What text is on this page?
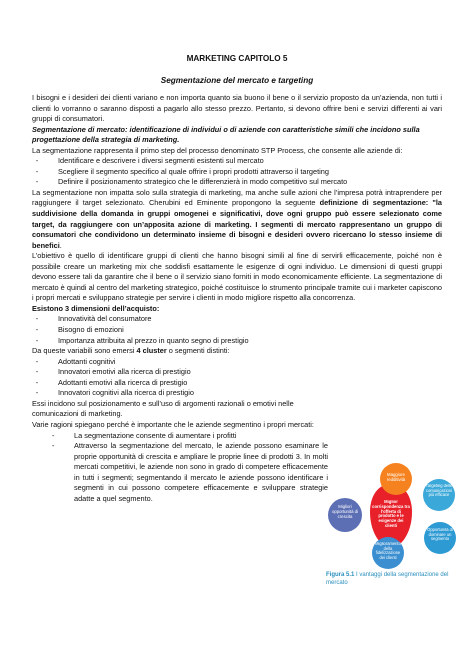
MARKETING CAPITOLO 5
Segmentazione del mercato e targeting

I bisogni e i desideri dei clienti variano e non importa quanto sia buono il bene o il servizio proposto da un’azienda, non tutti i clienti lo vorranno o saranno disposti a pagarlo allo stesso prezzo. Pertanto, si devono offrire beni e servizi differenti ai vari gruppi di consumatori.

Segmentazione di mercato: identificazione di individui o di aziende con caratteristiche simili che incidono sulla progettazione della strategia di marketing.

La segmentazione rappresenta il primo step del processo denominato STP Process, che consente alle aziende di:

- Identificare e descrivere i diversi segmenti esistenti sul mercato
- Scegliere il segmento specifico al quale offrire i propri prodotti attraverso il targeting
- Definire il posizionamento strategico che le differenzierà in modo competitivo sul mercato

La segmentazione non impatta solo sulla strategia di marketing, ma anche sulle azioni che l’impresa potrà intraprendere per raggiungere il target selezionato. Cherubini ed Eminente propongono la seguente definizione di segmentazione: "la suddivisione della domanda in gruppi omogenei e significativi, dove ogni gruppo può essere selezionato come target, da raggiungere con un’apposita azione di marketing. I segmenti di mercato rappresentano un gruppo di consumatori che condividono un determinato insieme di bisogni e desideri ovvero ricercano lo stesso insieme di benefici.

L’obiettivo è quello di identificare gruppi di clienti che hanno bisogni simili al fine di servirli efficacemente, poiché non è possibile creare un marketing mix che soddisfi esattamente le esigenze di ogni individuo. Le dimensioni di questi gruppi devono essere tali da garantire che il bene o il servizio siano forniti in modo economicamente efficiente. La segmentazione di mercato è quindi al centro del marketing strategico, poiché costituisce lo strumento principale tramite cui i marketer capiscono i propri mercati e sviluppano strategie per servire i clienti in modo migliore rispetto alla concorrenza.

Esistono 3 dimensioni dell’acquisto:

- Innovatività del consumatore
- Bisogno di emozioni
- Importanza attribuita al prezzo in quanto segno di prestigio

Da queste variabili sono emersi 4 cluster o segmenti distinti:

- Adottanti cognitivi
- Innovatori emotivi alla ricerca di prestigio
- Adottanti emotivi alla ricerca di prestigio
- Innovatori cognitivi alla ricerca di prestigio

Essi incidono sul posizionamento e sull’uso di argomenti razionali o emotivi nelle comunicazioni di marketing.

Varie ragioni spiegano perché è importante che le aziende segmentino i propri mercati:

- La segmentazione consente di aumentare i profitti
- Attraverso la segmentazione del mercato, le aziende possono esaminare le proprie opportunità di crescita e ampliare le proprie linee di prodotti 3. In molti mercati competitivi, le aziende non sono in grado di competere efficacemente in tutti i segmenti; segmentando il mercato le aziende possono identificare i segmenti in cui possono competere efficacemente e sviluppare strategie adatte a quel segmento.	Miglior corrispondenza tra l'offerta di prodotto e le esigenze dei clienti
Maggiore redditività
Targeting delle comunicazioni più efficace
Opportunità di dominare un segmento
Miglioramento della fidelizzazione dei clienti
Migliori opportunità di crescita
Figura 5.1 I vantaggi della segmentazione del mercato
